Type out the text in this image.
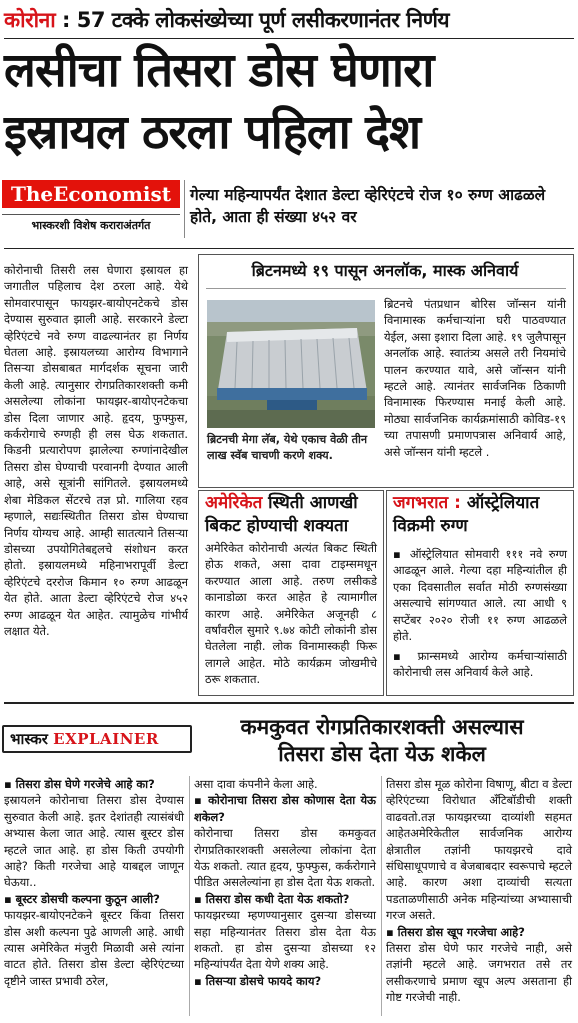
कोरोना : 57 टक्के लोकसंख्येच्या पूर्ण लसीकरणानंतर निर्णय
लसीचा तिसरा डोस घेणारा
इस्रायल ठरला पहिला देश
TheEconomist
भास्करशी विशेष कराराअंतर्गत
गेल्या महिन्यापर्यंत देशात डेल्टा व्हेरिएंटचे रोज १० रुग्ण आढळले होते, आता ही संख्या ४५२ वर
कोरोनाची तिसरी लस घेणारा इस्रायल हा जगातील पहिलाच देश ठरला आहे. येथे सोमवारपासून फायझर-बायोएनटेकचे डोस देण्यास सुरुवात झाली आहे. सरकारने डेल्टा व्हेरिएंटचे नवे रुग्ण वाढल्यानंतर हा निर्णय घेतला आहे. इस्रायलच्या आरोग्य विभागाने तिसऱ्या डोसबाबत मार्गदर्शक सूचना जारी केली आहे. त्यानुसार रोगप्रतिकारशक्ती कमी असलेल्या लोकांना फायझर-बायोएनटेकचा डोस दिला जाणार आहे. हृदय, फुफ्फुस, कर्करोगाचे रुग्णही ही लस घेऊ शकतात. किडनी प्रत्यारोपण झालेल्या रुग्णांनादेखील तिसरा डोस घेण्याची परवानगी देण्यात आली आहे, असे सूत्रांनी सांगितले. इस्रायलमध्ये शेबा मेडिकल सेंटरचे तज्ञ प्रो. गालिया रहव म्हणाले, सद्यःस्थितीत तिसरा डोस घेण्याचा निर्णय योग्यच आहे. आम्ही सातत्याने तिसऱ्या डोसच्या उपयोगितेबद्दलचे संशोधन करत होतो. इस्रायलमध्ये महिनाभरापूर्वी डेल्टा व्हेरिएंटचे दररोज किमान १० रुग्ण आढळून येत होते. आता डेल्टा व्हेरिएंटचे रोज ४५२ रुग्ण आढळून येत आहेत. त्यामुळेच गांभीर्य लक्षात येते.
ब्रिटनमध्ये १९ पासून अनलॉक, मास्क अनिवार्य
ब्रिटनची मेगा लॅब, येथे एकाच वेळी तीन लाख स्वॅब चाचणी करणे शक्य.
ब्रिटनचे पंतप्रधान बोरिस जॉन्सन यांनी विनामास्क कर्मचाऱ्यांना घरी पाठवण्यात येईल, असा इशारा दिला आहे. १९ जुलैपासून अनलॉक आहे. स्वातंत्र्य असले तरी नियमांचे पालन करण्यात यावे, असे जॉन्सन यांनी म्हटले आहे. त्यानंतर सार्वजनिक ठिकाणी विनामास्क फिरण्यास मनाई केली आहे. मोठ्या सार्वजनिक कार्यक्रमांसाठी कोविड-१९ च्या तपासणी प्रमाणपत्रास अनिवार्य आहे, असे जॉन्सन यांनी म्हटले .
अमेरिकेत स्थिती आणखी बिकट होण्याची शक्यता
अमेरिकेत कोरोनाची अत्यंत बिकट स्थिती होऊ शकते, असा दावा टाइम्समधून करण्यात आला आहे. तरुण लसीकडे कानाडोळा करत आहेत हे त्यामागील कारण आहे. अमेरिकेत अजूनही ८ वर्षांवरील सुमारे ९.७४ कोटी लोकांनी डोस घेतलेला नाही. लोक विनामास्कही फिरू लागले आहेत. मोठे कार्यक्रम जोखमीचे ठरू शकतात.
जगभरात : ऑस्ट्रेलियात विक्रमी रुग्ण
▪ ऑस्ट्रेलियात सोमवारी १११ नवे रुग्ण आढळून आले. गेल्या दहा महिन्यांतील ही एका दिवसातील सर्वात मोठी रुग्णसंख्या असल्याचे सांगण्यात आले. त्या आधी ९ सप्टेंबर २०२० रोजी ११ रुग्ण आढळले होते.
▪ फ्रान्समध्ये आरोग्य कर्मचाऱ्यांसाठी कोरोनाची लस अनिवार्य केले आहे.
भास्कर EXPLAINER	कमकुवत रोगप्रतिकारशक्ती असल्यास
तिसरा डोस देता येऊ शकेल
▪ तिसरा डोस घेणे गरजेचे आहे का?
इस्रायलने कोरोनाचा तिसरा डोस देण्यास सुरुवात केली आहे. इतर देशांतही त्यासंबंधी अभ्यास केला जात आहे. त्यास बूस्टर डोस म्हटले जात आहे. हा डोस किती उपयोगी आहे? किती गरजेचा आहे याबद्दल जाणून घेऊया..
▪ बूस्टर डोसची कल्पना कुठून आली?
फायझर-बायोएनटेकने बूस्टर किंवा तिसरा डोस अशी कल्पना पुढे आणली आहे. आधी त्यास अमेरिकेत मंजुरी मिळावी असे त्यांना वाटत होते. तिसरा डोस डेल्टा व्हेरिएंटच्या दृष्टीने जास्त प्रभावी ठरेल,
असा दावा कंपनीने केला आहे.
▪ कोरोनाचा तिसरा डोस कोणास देता येऊ शकेल?
कोरोनाचा तिसरा डोस कमकुवत रोगप्रतिकारशक्ती असलेल्या लोकांना देता येऊ शकतो. त्यात हृदय, फुफ्फुस, कर्करोगाने पीडित असलेल्यांना हा डोस देता येऊ शकतो.
▪ तिसरा डोस कधी देता येऊ शकतो?
फायझरच्या म्हणण्यानुसार दुसऱ्या डोसच्या सहा महिन्यानंतर तिसरा डोस देता येऊ शकतो. हा डोस दुसऱ्या डोसच्या १२ महिन्यांपर्यंत देता येणे शक्य आहे.
▪ तिसऱ्या डोसचे फायदे काय?
तिसरा डोस मूळ कोरोना विषाणू, बीटा व डेल्टा व्हेरिएंटच्या विरोधात अँटिबॉडीची शक्ती वाढवतो.तज्ञ फायझरच्या दाव्यांशी सहमत आहेतअमेरिकेतील सार्वजनिक आरोग्य क्षेत्रातील तज्ञांनी फायझरचे दावे संधिसाधूपणाचे व बेजबाबदार स्वरूपाचे म्हटले आहे. कारण अशा दाव्यांची सत्यता पडताळणीसाठी अनेक महिन्यांच्या अभ्यासाची गरज असते.
▪ तिसरा डोस खूप गरजेचा आहे?
तिसरा डोस घेणे फार गरजेचे नाही, असे तज्ञांनी म्हटले आहे. जगभरात तसे तर लसीकरणाचे प्रमाण खूप अल्प असताना ही गोष्ट गरजेची नाही.
